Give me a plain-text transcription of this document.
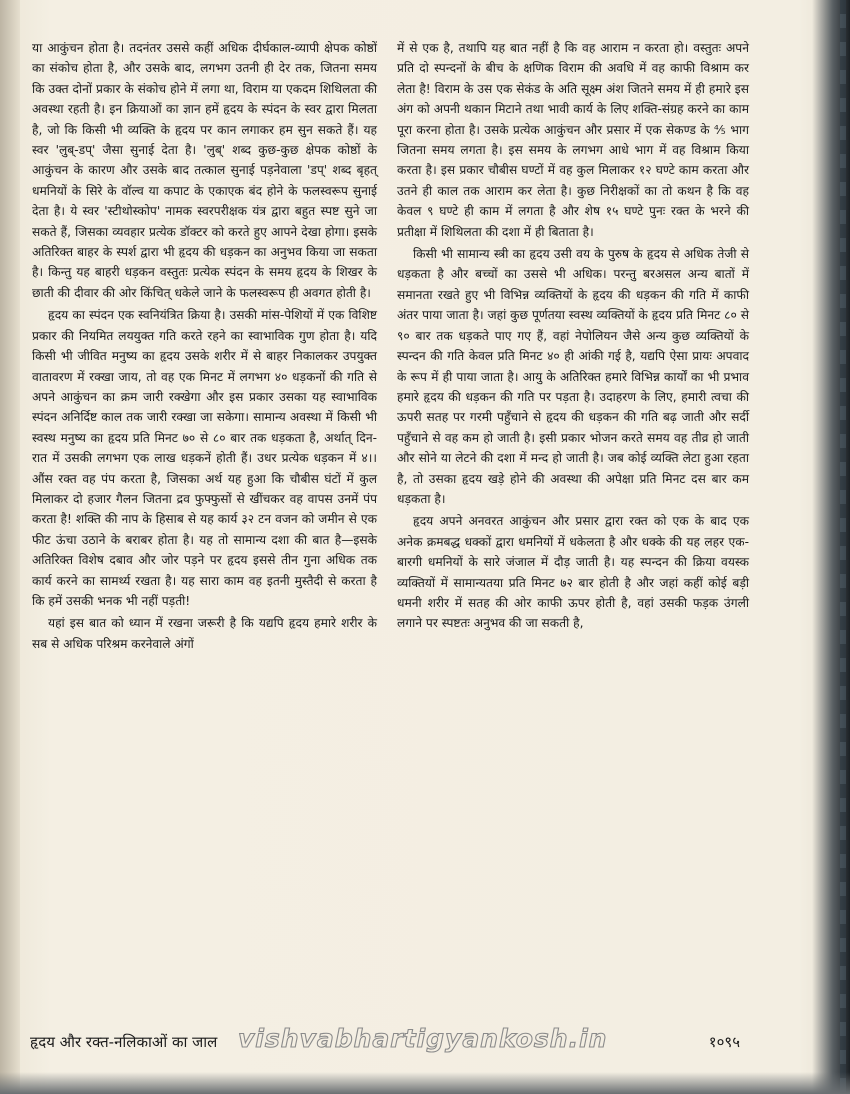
या आकुंचन होता है। तदनंतर उससे कहीं अधिक दीर्घकाल-व्यापी क्षेपक कोष्ठों का संकोच होता है, और उसके बाद, लगभग उतनी ही देर तक, जितना समय कि उक्त दोनों प्रकार के संकोच होने में लगा था, विराम या एकदम शिथिलता की अवस्था रहती है। इन क्रियाओं का ज्ञान हमें हृदय के स्पंदन के स्वर द्वारा मिलता है, जो कि किसी भी व्यक्ति के हृदय पर कान लगाकर हम सुन सकते हैं। यह स्वर 'लुब्-डप्' जैसा सुनाई देता है। 'लुब्' शब्द कुछ-कुछ क्षेपक कोष्ठों के आकुंचन के कारण और उसके बाद तत्काल सुनाई पड़नेवाला 'डप्' शब्द बृहत् धमनियों के सिरे के वॉल्व या कपाट के एकाएक बंद होने के फलस्वरूप सुनाई देता है। ये स्वर 'स्टीथोस्कोप' नामक स्वरपरीक्षक यंत्र द्वारा बहुत स्पष्ट सुने जा सकते हैं, जिसका व्यवहार प्रत्येक डॉक्टर को करते हुए आपने देखा होगा। इसके अतिरिक्त बाहर के स्पर्श द्वारा भी हृदय की धड़कन का अनुभव किया जा सकता है। किन्तु यह बाहरी धड़कन वस्तुतः प्रत्येक स्पंदन के समय हृदय के शिखर के छाती की दीवार की ओर किंचित् धकेले जाने के फलस्वरूप ही अवगत होती है।

हृदय का स्पंदन एक स्वनियंत्रित क्रिया है। उसकी मांस-पेशियों में एक विशिष्ट प्रकार की नियमित लययुक्त गति करते रहने का स्वाभाविक गुण होता है। यदि किसी भी जीवित मनुष्य का हृदय उसके शरीर में से बाहर निकालकर उपयुक्त वातावरण में रक्खा जाय, तो वह एक मिनट में लगभग ४० धड़कनों की गति से अपने आकुंचन का क्रम जारी रक्खेगा और इस प्रकार उसका यह स्वाभाविक स्पंदन अनिर्दिष्ट काल तक जारी रक्खा जा सकेगा। सामान्य अवस्था में किसी भी स्वस्थ मनुष्य का हृदय प्रति मिनट ७० से ८० बार तक धड़कता है, अर्थात् दिन-रात में उसकी लगभग एक लाख धड़कनें होती हैं। उधर प्रत्येक धड़कन में ४।। औंस रक्त वह पंप करता है, जिसका अर्थ यह हुआ कि चौबीस घंटों में कुल मिलाकर दो हजार गैलन जितना द्रव फुफ्फुसों से खींचकर वह वापस उनमें पंप करता है! शक्ति की नाप के हिसाब से यह कार्य ३२ टन वजन को जमीन से एक फीट ऊंचा उठाने के बराबर होता है। यह तो सामान्य दशा की बात है—इसके अतिरिक्त विशेष दबाव और जोर पड़ने पर हृदय इससे तीन गुना अधिक तक कार्य करने का सामर्थ्य रखता है। यह सारा काम वह इतनी मुस्तैदी से करता है कि हमें उसकी भनक भी नहीं पड़ती!

यहां इस बात को ध्यान में रखना जरूरी है कि यद्यपि हृदय हमारे शरीर के सब से अधिक परिश्रम करनेवाले अंगों

में से एक है, तथापि यह बात नहीं है कि वह आराम न करता हो। वस्तुतः अपने प्रति दो स्पन्दनों के बीच के क्षणिक विराम की अवधि में वह काफी विश्राम कर लेता है! विराम के उस एक सेकंड के अति सूक्ष्म अंश जितने समय में ही हमारे इस अंग को अपनी थकान मिटाने तथा भावी कार्य के लिए शक्ति-संग्रह करने का काम पूरा करना होता है। उसके प्रत्येक आकुंचन और प्रसार में एक सेकण्ड के ⅘ भाग जितना समय लगता है। इस समय के लगभग आधे भाग में वह विश्राम किया करता है। इस प्रकार चौबीस घण्टों में वह कुल मिलाकर १२ घण्टे काम करता और उतने ही काल तक आराम कर लेता है। कुछ निरीक्षकों का तो कथन है कि वह केवल ९ घण्टे ही काम में लगता है और शेष १५ घण्टे पुनः रक्त के भरने की प्रतीक्षा में शिथिलता की दशा में ही बिताता है।

किसी भी सामान्य स्त्री का हृदय उसी वय के पुरुष के हृदय से अधिक तेजी से धड़कता है और बच्चों का उससे भी अधिक। परन्तु बरअसल अन्य बातों में समानता रखते हुए भी विभिन्न व्यक्तियों के हृदय की धड़कन की गति में काफी अंतर पाया जाता है। जहां कुछ पूर्णतया स्वस्थ व्यक्तियों के हृदय प्रति मिनट ८० से ९० बार तक धड़कते पाए गए हैं, वहां नेपोलियन जैसे अन्य कुछ व्यक्तियों के स्पन्दन की गति केवल प्रति मिनट ४० ही आंकी गई है, यद्यपि ऐसा प्रायः अपवाद के रूप में ही पाया जाता है। आयु के अतिरिक्त हमारे विभिन्न कार्यों का भी प्रभाव हमारे हृदय की धड़कन की गति पर पड़ता है। उदाहरण के लिए, हमारी त्वचा की ऊपरी सतह पर गरमी पहुँचाने से हृदय की धड़कन की गति बढ़ जाती और सर्दी पहुँचाने से वह कम हो जाती है। इसी प्रकार भोजन करते समय वह तीव्र हो जाती और सोने या लेटने की दशा में मन्द हो जाती है। जब कोई व्यक्ति लेटा हुआ रहता है, तो उसका हृदय खड़े होने की अवस्था की अपेक्षा प्रति मिनट दस बार कम धड़कता है।

हृदय अपने अनवरत आकुंचन और प्रसार द्वारा रक्त को एक के बाद एक अनेक क्रमबद्ध धक्कों द्वारा धमनियों में धकेलता है और धक्के की यह लहर एक-बारगी धमनियों के सारे जंजाल में दौड़ जाती है। यह स्पन्दन की क्रिया वयस्क व्यक्तियों में सामान्यतया प्रति मिनट ७२ बार होती है और जहां कहीं कोई बड़ी धमनी शरीर में सतह की ओर काफी ऊपर होती है, वहां उसकी फड़क उंगली लगाने पर स्पष्टतः अनुभव की जा सकती है,

हृदय और रक्त-नलिकाओं का जाल vishvabhartigyankosh.in	१०९५
